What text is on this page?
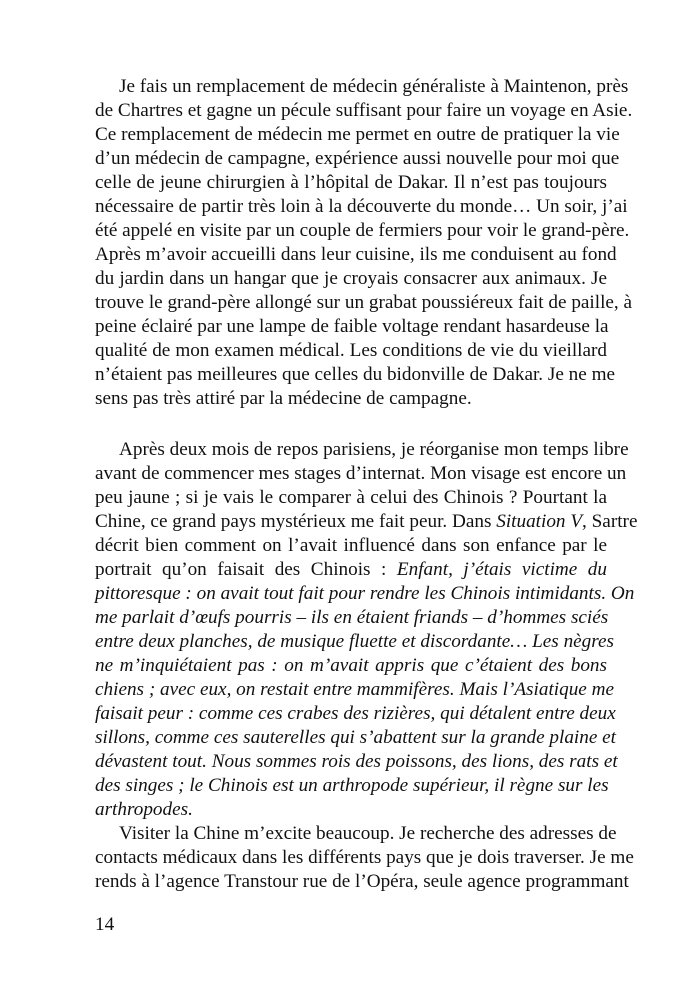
Je fais un remplacement de médecin généraliste à Maintenon, près
de Chartres et gagne un pécule suffisant pour faire un voyage en Asie.
Ce remplacement de médecin me permet en outre de pratiquer la vie
d’un médecin de campagne, expérience aussi nouvelle pour moi que
celle de jeune chirurgien à l’hôpital de Dakar. Il n’est pas toujours
nécessaire de partir très loin à la découverte du monde… Un soir, j’ai
été appelé en visite par un couple de fermiers pour voir le grand-père.
Après m’avoir accueilli dans leur cuisine, ils me conduisent au fond
du jardin dans un hangar que je croyais consacrer aux animaux. Je
trouve le grand-père allongé sur un grabat poussiéreux fait de paille, à
peine éclairé par une lampe de faible voltage rendant hasardeuse la
qualité de mon examen médical. Les conditions de vie du vieillard
n’étaient pas meilleures que celles du bidonville de Dakar. Je ne me
sens pas très attiré par la médecine de campagne.
Après deux mois de repos parisiens, je réorganise mon temps libre
avant de commencer mes stages d’internat. Mon visage est encore un
peu jaune ; si je vais le comparer à celui des Chinois ? Pourtant la
Chine, ce grand pays mystérieux me fait peur. Dans Situation V, Sartre
décrit bien comment on l’avait influencé dans son enfance par le
portrait qu’on faisait des Chinois : Enfant, j’étais victime du
pittoresque : on avait tout fait pour rendre les Chinois intimidants. On
me parlait d’œufs pourris – ils en étaient friands – d’hommes sciés
entre deux planches, de musique fluette et discordante… Les nègres
ne m’inquiétaient pas : on m’avait appris que c’étaient des bons
chiens ; avec eux, on restait entre mammifères. Mais l’Asiatique me
faisait peur : comme ces crabes des rizières, qui détalent entre deux
sillons, comme ces sauterelles qui s’abattent sur la grande plaine et
dévastent tout. Nous sommes rois des poissons, des lions, des rats et
des singes ; le Chinois est un arthropode supérieur, il règne sur les
arthropodes.
Visiter la Chine m’excite beaucoup. Je recherche des adresses de
contacts médicaux dans les différents pays que je dois traverser. Je me
rends à l’agence Transtour rue de l’Opéra, seule agence programmant
14
